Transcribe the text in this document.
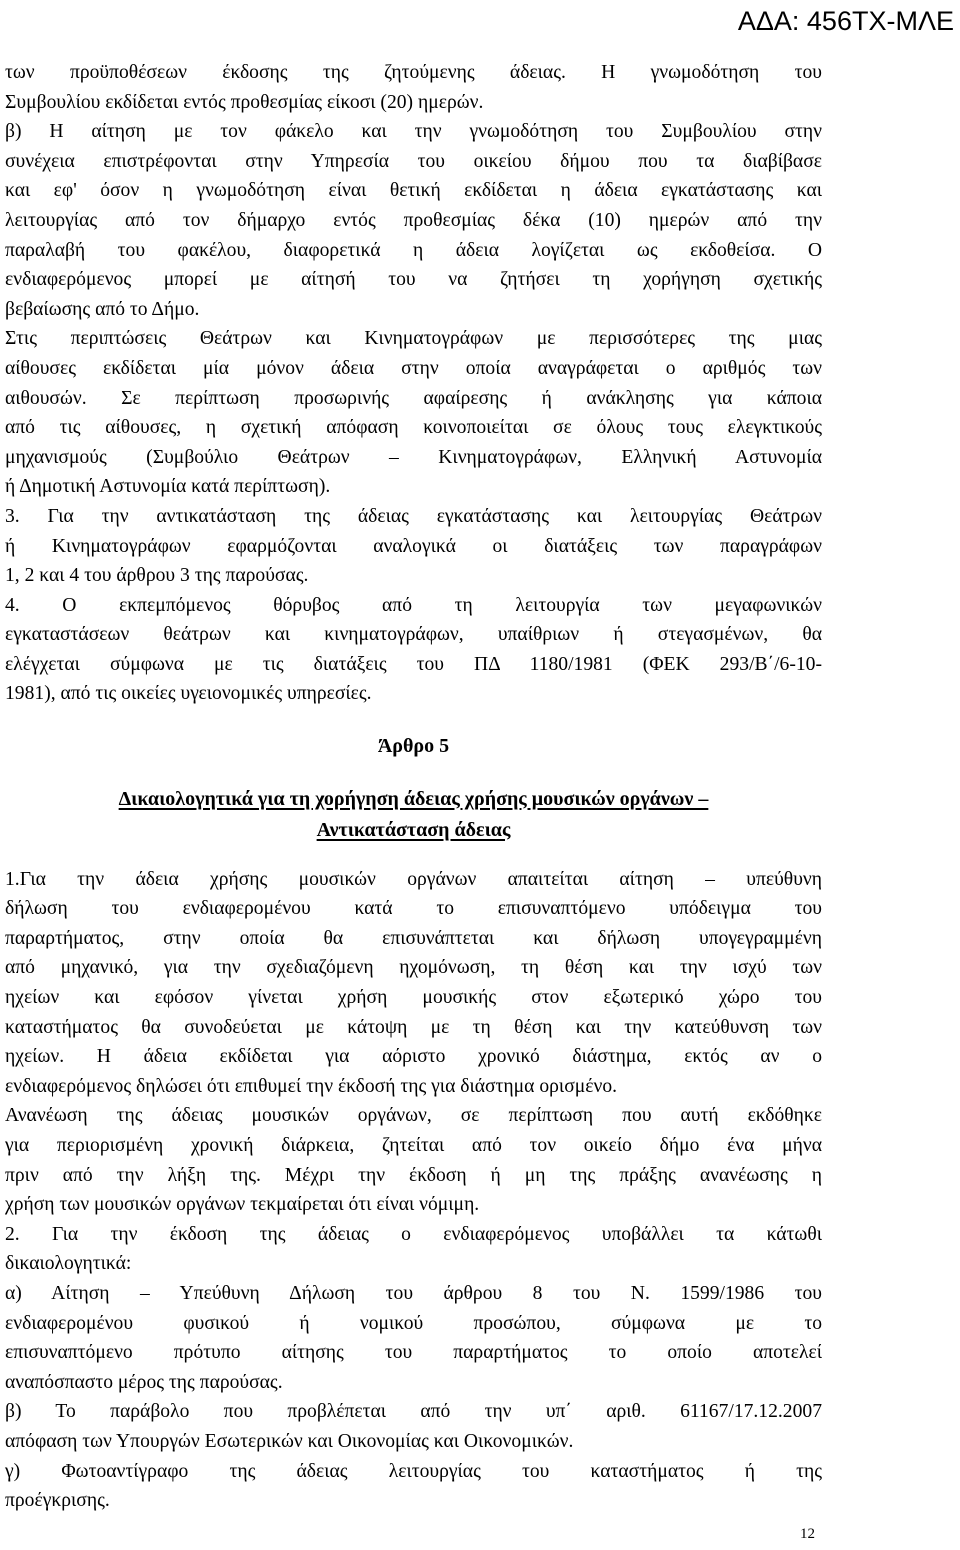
ΑΔΑ: 456ΤΧ-ΜΛΕ

των προϋποθέσεων έκδοσης της ζητούμενης άδειας. Η γνωμοδότηση του

Συμβουλίου εκδίδεται εντός προθεσμίας είκοσι (20) ημερών.

β) Η αίτηση με τον φάκελο και την γνωμοδότηση του Συμβουλίου στην

συνέχεια επιστρέφονται στην Υπηρεσία του οικείου δήμου που τα διαβίβασε

και εφ' όσον η γνωμοδότηση είναι θετική εκδίδεται η άδεια εγκατάστασης και

λειτουργίας από τον δήμαρχο εντός προθεσμίας δέκα (10) ημερών από την

παραλαβή του φακέλου, διαφορετικά η άδεια λογίζεται ως εκδοθείσα. Ο

ενδιαφερόμενος μπορεί με αίτησή του να ζητήσει τη χορήγηση σχετικής

βεβαίωσης από το Δήμο.

Στις περιπτώσεις Θεάτρων και Κινηματογράφων με περισσότερες της μιας

αίθουσες εκδίδεται μία μόνον άδεια στην οποία αναγράφεται ο αριθμός των

αιθουσών. Σε περίπτωση προσωρινής αφαίρεσης ή ανάκλησης για κάποια

από τις αίθουσες, η σχετική απόφαση κοινοποιείται σε όλους τους ελεγκτικούς

μηχανισμούς (Συμβούλιο Θεάτρων – Κινηματογράφων, Ελληνική Αστυνομία

ή Δημοτική Αστυνομία κατά περίπτωση).

3. Για την αντικατάσταση της άδειας εγκατάστασης και λειτουργίας Θεάτρων

ή Κινηματογράφων εφαρμόζονται αναλογικά οι διατάξεις των παραγράφων

1, 2 και 4 του άρθρου 3 της παρούσας.

4. Ο εκπεμπόμενος θόρυβος από τη λειτουργία των μεγαφωνικών

εγκαταστάσεων θεάτρων και κινηματογράφων, υπαίθριων ή στεγασμένων, θα

ελέγχεται σύμφωνα με τις διατάξεις του ΠΔ 1180/1981 (ΦΕΚ 293/Β΄/6-10-

1981), από τις οικείες υγειονομικές υπηρεσίες.

Άρθρο 5
Δικαιολογητικά για τη χορήγηση άδειας χρήσης μουσικών οργάνων –
Αντικατάσταση άδειας

1.Για την άδεια χρήσης μουσικών οργάνων απαιτείται αίτηση – υπεύθυνη

δήλωση του ενδιαφερομένου κατά το επισυναπτόμενο υπόδειγμα του

παραρτήματος, στην οποία θα επισυνάπτεται και δήλωση υπογεγραμμένη

από μηχανικό, για την σχεδιαζόμενη ηχομόνωση, τη θέση και την ισχύ των

ηχείων και εφόσον γίνεται χρήση μουσικής στον εξωτερικό χώρο του

καταστήματος θα συνοδεύεται με κάτοψη με τη θέση και την κατεύθυνση των

ηχείων. Η άδεια εκδίδεται για αόριστο χρονικό διάστημα, εκτός αν ο

ενδιαφερόμενος δηλώσει ότι επιθυμεί την έκδοσή της για διάστημα ορισμένο.

Ανανέωση της άδειας μουσικών οργάνων, σε περίπτωση που αυτή εκδόθηκε

για περιορισμένη χρονική διάρκεια, ζητείται από τον οικείο δήμο ένα μήνα

πριν από την λήξη της. Μέχρι την έκδοση ή μη της πράξης ανανέωσης η

χρήση των μουσικών οργάνων τεκμαίρεται ότι είναι νόμιμη.

2. Για την έκδοση της άδειας ο ενδιαφερόμενος υποβάλλει τα κάτωθι

δικαιολογητικά:

α) Αίτηση – Υπεύθυνη Δήλωση του άρθρου 8 του Ν. 1599/1986 του

ενδιαφερομένου φυσικού ή νομικού προσώπου, σύμφωνα με το

επισυναπτόμενο πρότυπο αίτησης του παραρτήματος το οποίο αποτελεί

αναπόσπαστο μέρος της παρούσας.

β) Το παράβολο που προβλέπεται από την υπ΄ αριθ. 61167/17.12.2007

απόφαση των Υπουργών Εσωτερικών και Οικονομίας και Οικονομικών.

γ) Φωτοαντίγραφο της άδειας λειτουργίας του καταστήματος ή της

προέγκρισης.

12
